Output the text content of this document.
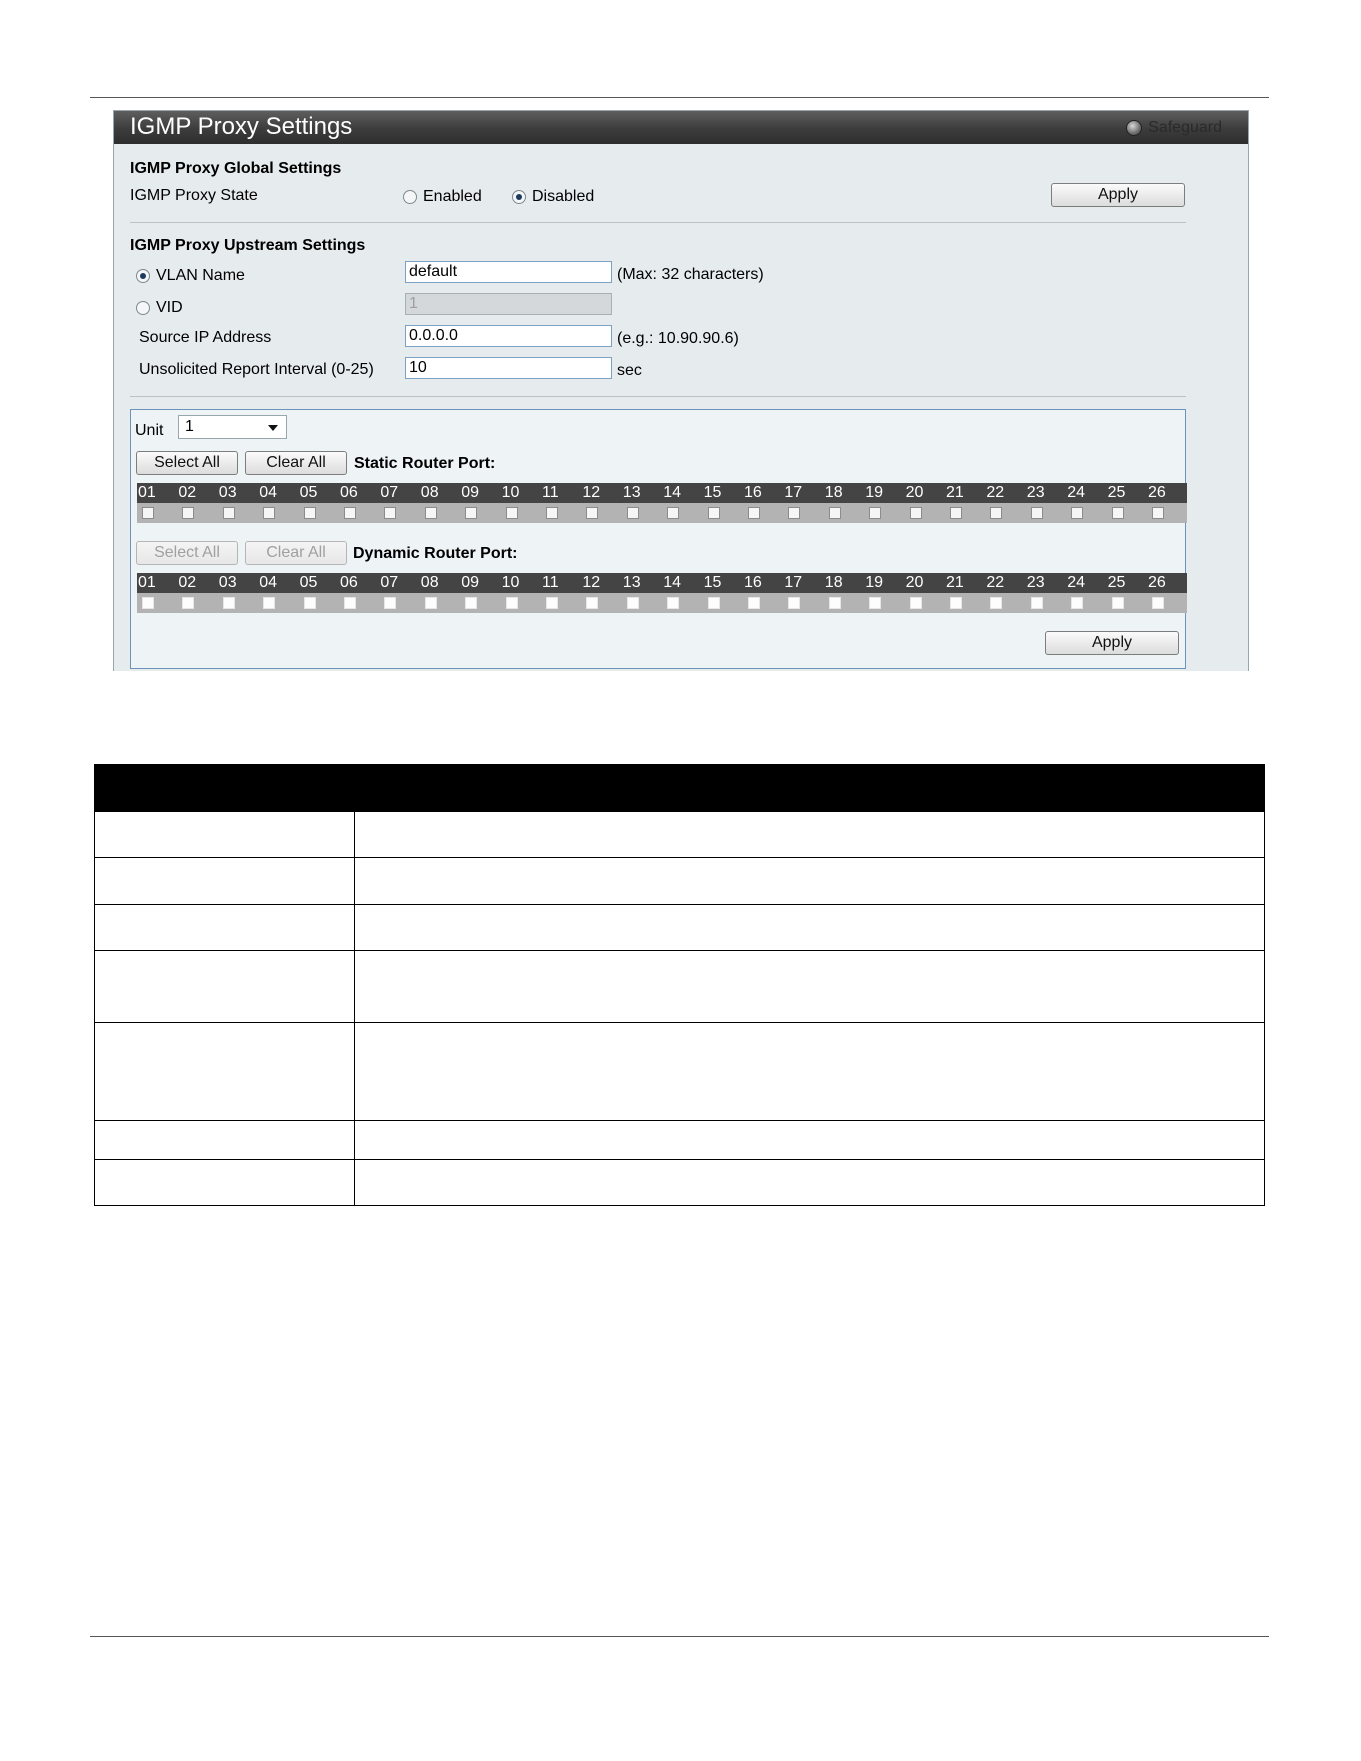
IGMP Proxy Settings	Safeguard
IGMP Proxy Global Settings
IGMP Proxy State	Enabled	Disabled	Apply
IGMP Proxy Upstream Settings
VLAN Name
default	(Max: 32 characters)
VID
1
Source IP Address
0.0.0.0	(e.g.: 10.90.90.6)
Unsolicited Report Interval (0-25)
10	sec
Unit	1
Select All	Clear All	Static Router Port:
01 02 03 04 05 06 07 08 09 10 11 12 13 14 15 16 17 18 19 20 21 22 23 24 25 26
Select All	Clear All	Dynamic Router Port:
01 02 03 04 05 06 07 08 09 10 11 12 13 14 15 16 17 18 19 20 21 22 23 24 25 26
Apply
